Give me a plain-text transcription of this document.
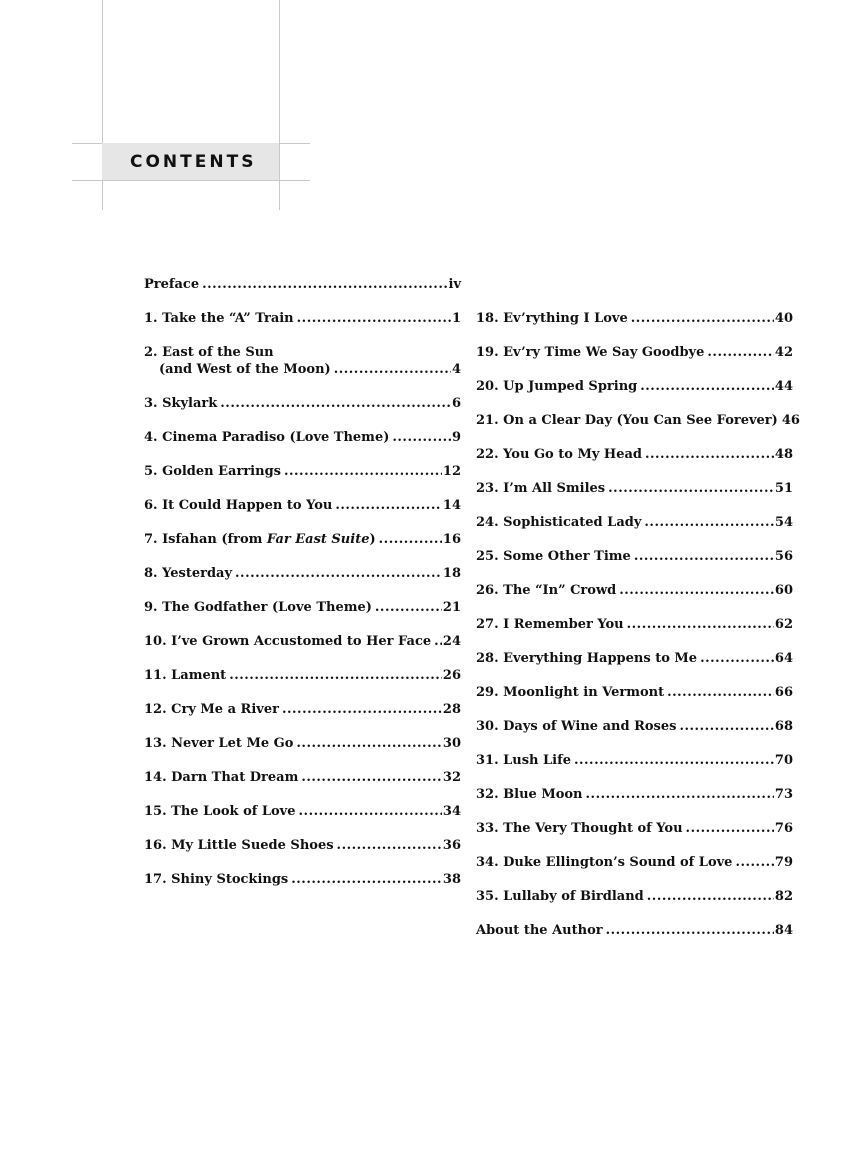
CONTENTS
Preface .....	iv
1. Take the “A” Train .....	1
2. East of the Sun
(and West of the Moon) .....	4
3. Skylark .....	6
4. Cinema Paradiso (Love Theme) .....	9
5. Golden Earrings .....	12
6. It Could Happen to You .....	14
7. Isfahan (from Far East Suite) .....	16
8. Yesterday .....	18
9. The Godfather (Love Theme) .....	21
10. I’ve Grown Accustomed to Her Face ..... 24
11. Lament .....	26
12. Cry Me a River .....	28
13. Never Let Me Go .....	30
14. Darn That Dream .....	32
15. The Look of Love .....	34
16. My Little Suede Shoes .....	36
17. Shiny Stockings .....	38
18. Ev’rything I Love .....	40
19. Ev’ry Time We Say Goodbye .....	42
20. Up Jumped Spring .....	44
21. On a Clear Day (You Can See Forever) 46
22. You Go to My Head .....	48
23. I’m All Smiles .....	51
24. Sophisticated Lady .....	54
25. Some Other Time .....	56
26. The “In” Crowd .....	60
27. I Remember You .....	62
28. Everything Happens to Me .....	64
29. Moonlight in Vermont .....	66
30. Days of Wine and Roses .....	68
31. Lush Life .....	70
32. Blue Moon .....	73
33. The Very Thought of You .....	76
34. Duke Ellington’s Sound of Love .....	79
35. Lullaby of Birdland .....	82
About the Author .....	84
